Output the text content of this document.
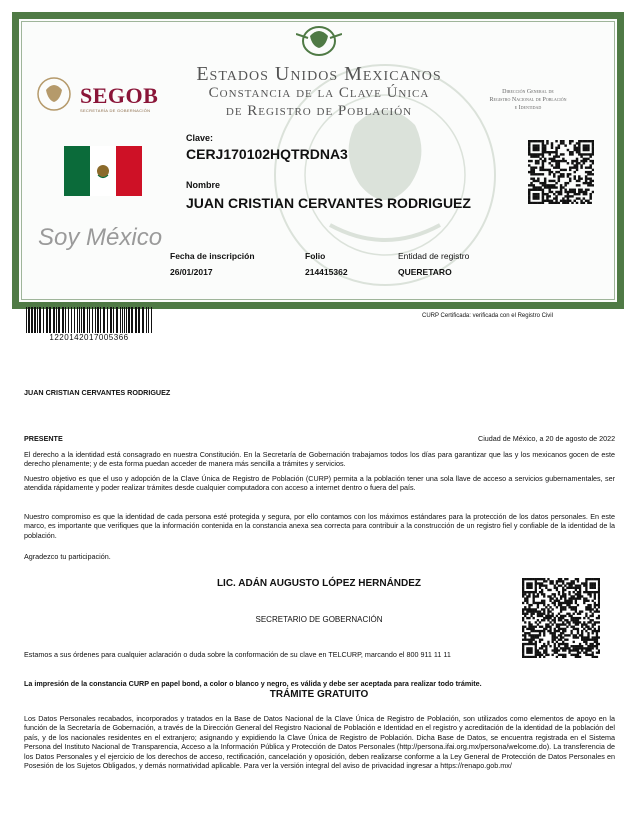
SEGOB
SECRETARÍA DE GOBERNACIÓN
Estados Unidos Mexicanos
Constancia de la Clave Única
de Registro de Población
Dirección General de
Registro Nacional de Población
e Identidad
Clave:
CERJ170102HQTRDNA3
Nombre
JUAN CRISTIAN CERVANTES RODRIGUEZ
Soy México
Fecha de inscripción
26/01/2017
Folio
214415362
Entidad de registro
QUERETARO
1220142017005366
CURP Certificada: verificada con el Registro Civil
JUAN CRISTIAN CERVANTES RODRIGUEZ
PRESENTE	Ciudad de México, a 20 de agosto de 2022
El derecho a la identidad está consagrado en nuestra Constitución. En la Secretaría de Gobernación trabajamos todos los días para garantizar que las y los mexicanos gocen de este derecho plenamente; y de esta forma puedan acceder de manera más sencilla a trámites y servicios.
Nuestro objetivo es que el uso y adopción de la Clave Única de Registro de Población (CURP) permita a la población tener una sola llave de acceso a servicios gubernamentales, ser atendida rápidamente y poder realizar trámites desde cualquier computadora con acceso a internet dentro o fuera del país.
Nuestro compromiso es que la identidad de cada persona esté protegida y segura, por ello contamos con los máximos estándares para la protección de los datos personales. En este marco, es importante que verifiques que la información contenida en la constancia anexa sea correcta para contribuir a la construcción de un registro fiel y confiable de la identidad de la población.
Agradezco tu participación.
LIC. ADÁN AUGUSTO LÓPEZ HERNÁNDEZ
SECRETARIO DE GOBERNACIÓN
Estamos a sus órdenes para cualquier aclaración o duda sobre la conformación de su clave en TELCURP, marcando el 800 911 11 11
La impresión de la constancia CURP en papel bond, a color o blanco y negro, es válida y debe ser aceptada para realizar todo trámite.
TRÁMITE GRATUITO
Los Datos Personales recabados, incorporados y tratados en la Base de Datos Nacional de la Clave Única de Registro de Población, son utilizados como elementos de apoyo en la función de la Secretaría de Gobernación, a través de la Dirección General del Registro Nacional de Población e Identidad en el registro y acreditación de la identidad de la población del país, y de los nacionales residentes en el extranjero; asignando y expidiendo la Clave Única de Registro de Población. Dicha Base de Datos, se encuentra registrada en el Sistema Persona del Instituto Nacional de Transparencia, Acceso a la Información Pública y Protección de Datos Personales (http://persona.ifai.org.mx/persona/welcome.do). La transferencia de los Datos Personales y el ejercicio de los derechos de acceso, rectificación, cancelación y oposición, deben realizarse conforme a la Ley General de Protección de Datos Personales en Posesión de los Sujetos Obligados, y demás normatividad aplicable. Para ver la versión integral del aviso de privacidad ingresar a https://renapo.gob.mx/
